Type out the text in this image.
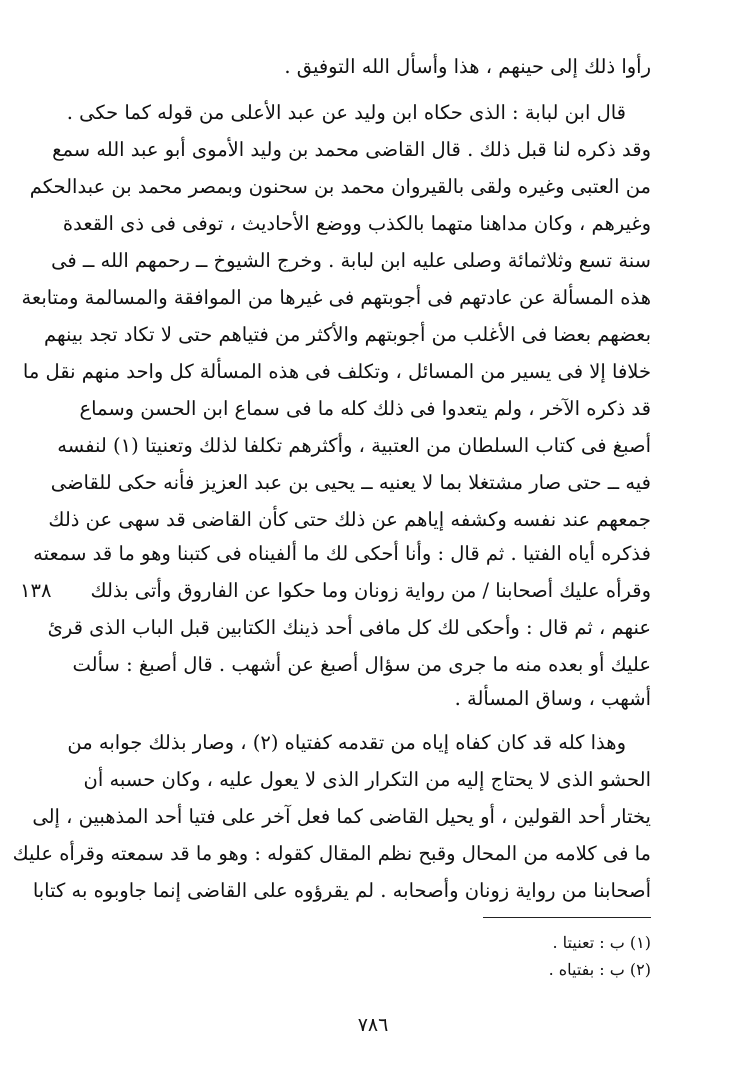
رأوا ذلك إلى حينهم ، هذا وأسأل الله التوفيق .
قال ابن لبابة : الذى حكاه ابن وليد عن عبد الأعلى من قوله كما حكى .
وقد ذكره لنا قبل ذلك . قال القاضى محمد بن وليد الأموى أبو عبد الله سمع
من العتبى وغيره ولقى بالقيروان محمد بن سحنون وبمصر محمد بن عبدالحكم
وغيرهم ، وكان مداهنا متهما بالكذب ووضع الأحاديث ، توفى فى ذى القعدة
سنة تسع وثلاثمائة وصلى عليه ابن لبابة . وخرج الشيوخ ــ رحمهم الله ــ فى
هذه المسألة عن عادتهم فى أجوبتهم فى غيرها من الموافقة والمسالمة ومتابعة
بعضهم بعضا فى الأغلب من أجوبتهم والأكثر من فتياهم حتى لا تكاد تجد بينهم
خلافا إلا فى يسير من المسائل ، وتكلف فى هذه المسألة كل واحد منهم نقل ما
قد ذكره الآخر ، ولم يتعدوا فى ذلك كله ما فى سماع ابن الحسن وسماع
أصبغ فى كتاب السلطان من العتبية ، وأكثرهم تكلفا لذلك وتعنيتا (١) لنفسه
فيه ــ حتى صار مشتغلا بما لا يعنيه ــ يحيى بن عبد العزيز فأنه حكى للقاضى
جمعهم عند نفسه وكشفه إياهم عن ذلك حتى كأن القاضى قد سهى عن ذلك
فذكره أياه الفتيا . ثم قال : وأنا أحكى لك ما ألفيناه فى كتبنا وهو ما قد سمعته
وقرأه عليك أصحابنا / من رواية زونان وما حكوا عن الفاروق وأتى بذلك
عنهم ، ثم قال : وأحكى لك كل مافى أحد ذينك الكتابين قبل الباب الذى قرئ
عليك أو بعده منه ما جرى من سؤال أصبغ عن أشهب . قال أصبغ : سألت
أشهب ، وساق المسألة .
وهذا كله قد كان كفاه إياه من تقدمه كفتياه (٢) ، وصار بذلك جوابه من
الحشو الذى لا يحتاج إليه من التكرار الذى لا يعول عليه ، وكان حسبه أن
يختار أحد القولين ، أو يحيل القاضى كما فعل آخر على فتيا أحد المذهبين ، إلى
ما فى كلامه من المحال وقبح نظم المقال كقوله : وهو ما قد سمعته وقرأه عليك
أصحابنا من رواية زونان وأصحابه . لم يقرؤوه على القاضى إنما جاوبوه به كتابا
١٣٨
(١) ب : تعنيتا .
(٢) ب : بفتياه .
٧٨٦
